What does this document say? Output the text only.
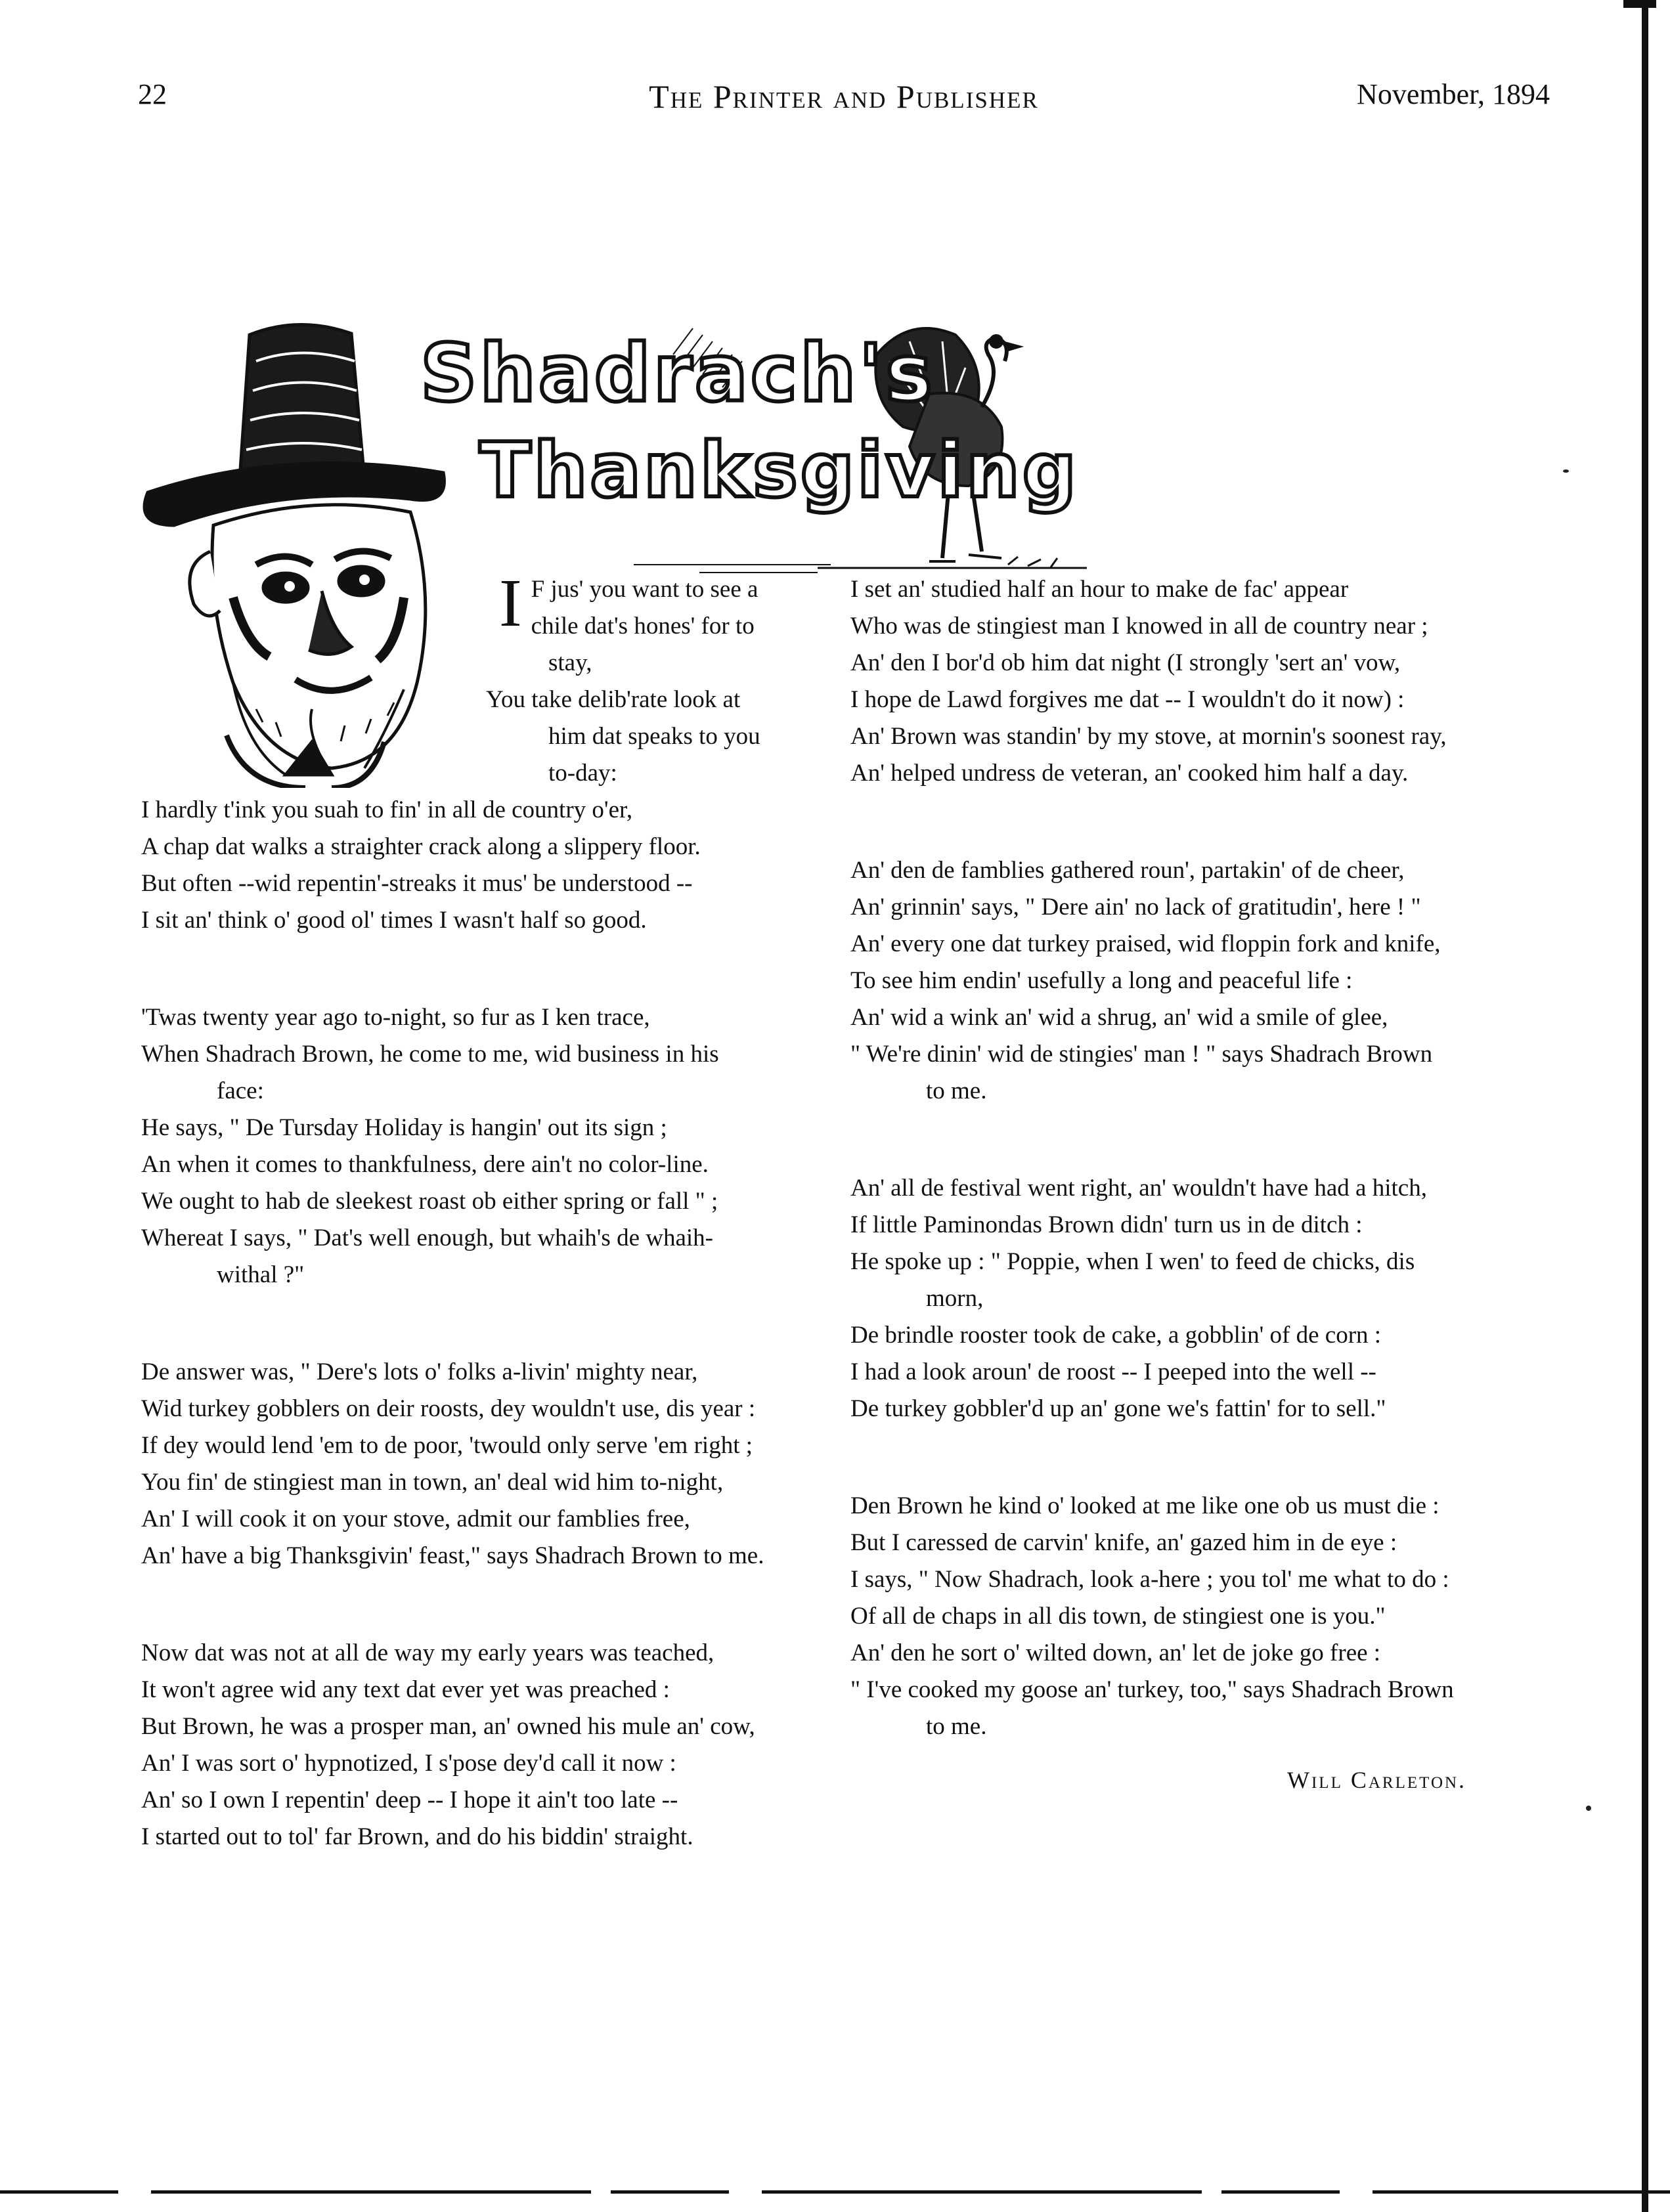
22	The Printer and Publisher	November, 1894
Shadrach's
Thanksgiving
I F jus' you want to see a
chile dat's hones' for to
stay,
You take delib'rate look at
him dat speaks to you
to-day:
I hardly t'ink you suah to fin' in all de country o'er,
A chap dat walks a straighter crack along a slippery floor.
But often --wid repentin'-streaks it mus' be understood --
I sit an' think o' good ol' times I wasn't half so good.
'Twas twenty year ago to-night, so fur as I ken trace,
When Shadrach Brown, he come to me, wid business in his
face:
He says, " De Tursday Holiday is hangin' out its sign ;
An when it comes to thankfulness, dere ain't no color-line.
We ought to hab de sleekest roast ob either spring or fall " ;
Whereat I says, " Dat's well enough, but whaih's de whaih-
withal ?"
De answer was, " Dere's lots o' folks a-livin' mighty near,
Wid turkey gobblers on deir roosts, dey wouldn't use, dis year :
If dey would lend 'em to de poor, 'twould only serve 'em right ;
You fin' de stingiest man in town, an' deal wid him to-night,
An' I will cook it on your stove, admit our famblies free,
An' have a big Thanksgivin' feast," says Shadrach Brown to me.
Now dat was not at all de way my early years was teached,
It won't agree wid any text dat ever yet was preached :
But Brown, he was a prosper man, an' owned his mule an' cow,
An' I was sort o' hypnotized, I s'pose dey'd call it now :
An' so I own I repentin' deep -- I hope it ain't too late --
I started out to tol' far Brown, and do his biddin' straight.
I set an' studied half an hour to make de fac' appear
Who was de stingiest man I knowed in all de country near ;
An' den I bor'd ob him dat night (I strongly 'sert an' vow,
I hope de Lawd forgives me dat -- I wouldn't do it now) :
An' Brown was standin' by my stove, at mornin's soonest ray,
An' helped undress de veteran, an' cooked him half a day.
An' den de famblies gathered roun', partakin' of de cheer,
An' grinnin' says, " Dere ain' no lack of gratitudin', here ! "
An' every one dat turkey praised, wid floppin fork and knife,
To see him endin' usefully a long and peaceful life :
An' wid a wink an' wid a shrug, an' wid a smile of glee,
" We're dinin' wid de stingies' man ! " says Shadrach Brown
to me.
An' all de festival went right, an' wouldn't have had a hitch,
If little Paminondas Brown didn' turn us in de ditch :
He spoke up : " Poppie, when I wen' to feed de chicks, dis
morn,
De brindle rooster took de cake, a gobblin' of de corn :
I had a look aroun' de roost -- I peeped into the well --
De turkey gobbler'd up an' gone we's fattin' for to sell."
Den Brown he kind o' looked at me like one ob us must die :
But I caressed de carvin' knife, an' gazed him in de eye :
I says, " Now Shadrach, look a-here ; you tol' me what to do :
Of all de chaps in all dis town, de stingiest one is you."
An' den he sort o' wilted down, an' let de joke go free :
" I've cooked my goose an' turkey, too," says Shadrach Brown
to me.
Will Carleton.
